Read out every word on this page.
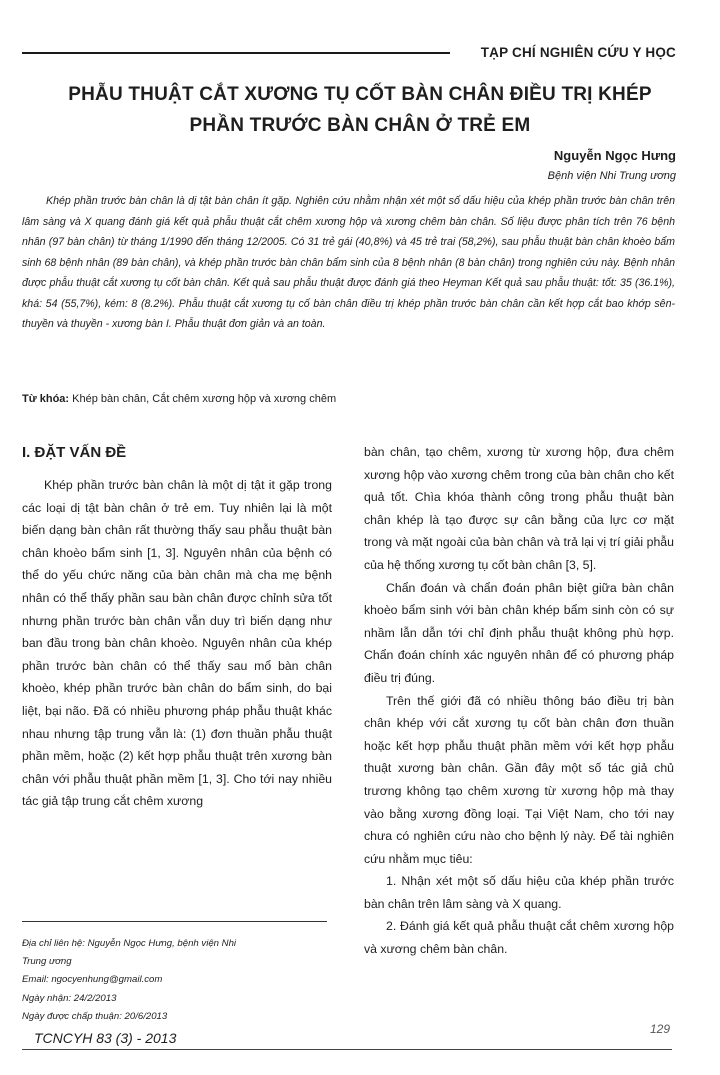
TẠP CHÍ NGHIÊN CỨU Y HỌC
PHẪU THUẬT CẮT XƯƠNG TỤ CỐT BÀN CHÂN ĐIỀU TRỊ KHÉP
PHẦN TRƯỚC BÀN CHÂN Ở TRẺ EM
Nguyễn Ngọc Hưng
Bệnh viện Nhi Trung ương

Khép phần trước bàn chân là dị tật bàn chân ít gặp. Nghiên cứu nhằm nhận xét một số dấu hiệu của khép phần trước bàn chân trên lâm sàng và X quang đánh giá kết quả phẫu thuật cắt chêm xương hộp và xương chêm bàn chân. Số liệu được phân tích trên 76 bệnh nhân (97 bàn chân) từ tháng 1/1990 đến tháng 12/2005. Có 31 trẻ gái (40,8%) và 45 trẻ trai (58,2%), sau phẫu thuật bàn chân khoèo bẩm sinh 68 bệnh nhân (89 bàn chân), và khép phần trước bàn chân bẩm sinh của 8 bệnh nhân (8 bàn chân) trong nghiên cứu này. Bệnh nhân được phẫu thuật cắt xương tụ cốt bàn chân. Kết quả sau phẫu thuật được đánh giá theo Heyman Kết quả sau phẫu thuật: tốt: 35 (36.1%), khá: 54 (55,7%), kém: 8 (8.2%). Phẫu thuật cắt xương tụ cố bàn chân điều trị khép phần trước bàn chân cần kết hợp cắt bao khớp sên-thuyền và thuyền - xương bàn I. Phẫu thuật đơn giản và an toàn.

Từ khóa: Khép bàn chân, Cắt chêm xương hộp và xương chêm
I. ĐẶT VẤN ĐỀ

Khép phần trước bàn chân là một dị tật it gặp trong các loại dị tật bàn chân ở trẻ em. Tuy nhiên lại là một biến dạng bàn chân rất thường thấy sau phẫu thuật bàn chân khoèo bẩm sinh [1, 3]. Nguyên nhân của bệnh có thể do yếu chức năng của bàn chân mà cha mẹ bệnh nhân có thể thấy phần sau bàn chân được chỉnh sửa tốt nhưng phần trước bàn chân vẫn duy trì biến dạng như ban đầu trong bàn chân khoèo. Nguyên nhân của khép phần trước bàn chân có thể thấy sau mổ bàn chân khoèo, khép phần trước bàn chân do bẩm sinh, do bại liệt, bại não. Đã có nhiều phương pháp phẫu thuật khác nhau nhưng tập trung vẫn là: (1) đơn thuần phẫu thuật phần mềm, hoặc (2) kết hợp phẫu thuật trên xương bàn chân với phẫu thuật phần mềm [1, 3]. Cho tới nay nhiều tác giả tập trung cắt chêm xương

bàn chân, tạo chêm, xương từ xương hộp, đưa chêm xương hộp vào xương chêm trong của bàn chân cho kết quả tốt. Chìa khóa thành công trong phẫu thuật bàn chân khép là tạo được sự cân bằng của lực cơ mặt trong và mặt ngoài của bàn chân và trả lại vị trí giải phẫu của hệ thống xương tụ cốt bàn chân [3, 5].

Chẩn đoán và chẩn đoán phân biệt giữa bàn chân khoèo bẩm sinh với bàn chân khép bẩm sinh còn có sự nhầm lẫn dẫn tới chỉ định phẫu thuật không phù hợp. Chẩn đoán chính xác nguyên nhân để có phương pháp điều trị đúng.

Trên thế giới đã có nhiều thông báo điều trị bàn chân khép với cắt xương tụ cốt bàn chân đơn thuần hoặc kết hợp phẫu thuật phần mềm với kết hợp phẫu thuật xương bàn chân. Gần đây một số tác giả chủ trương không tạo chêm xương từ xương hộp mà thay vào bằng xương đồng loại. Tại Việt Nam, cho tới nay chưa có nghiên cứu nào cho bệnh lý này. Để tài nghiên cứu nhằm mục tiêu:

1. Nhận xét một số dấu hiệu của khép phần trước bàn chân trên lâm sàng và X quang.

2. Đánh giá kết quả phẫu thuật cắt chêm xương hộp và xương chêm bàn chân.

Địa chỉ liên hệ: Nguyễn Ngọc Hưng, bệnh viện Nhi
Trung ương
Email: ngocyenhung@gmail.com
Ngày nhận: 24/2/2013
Ngày được chấp thuận: 20/6/2013
TCNCYH 83 (3) - 2013
129
